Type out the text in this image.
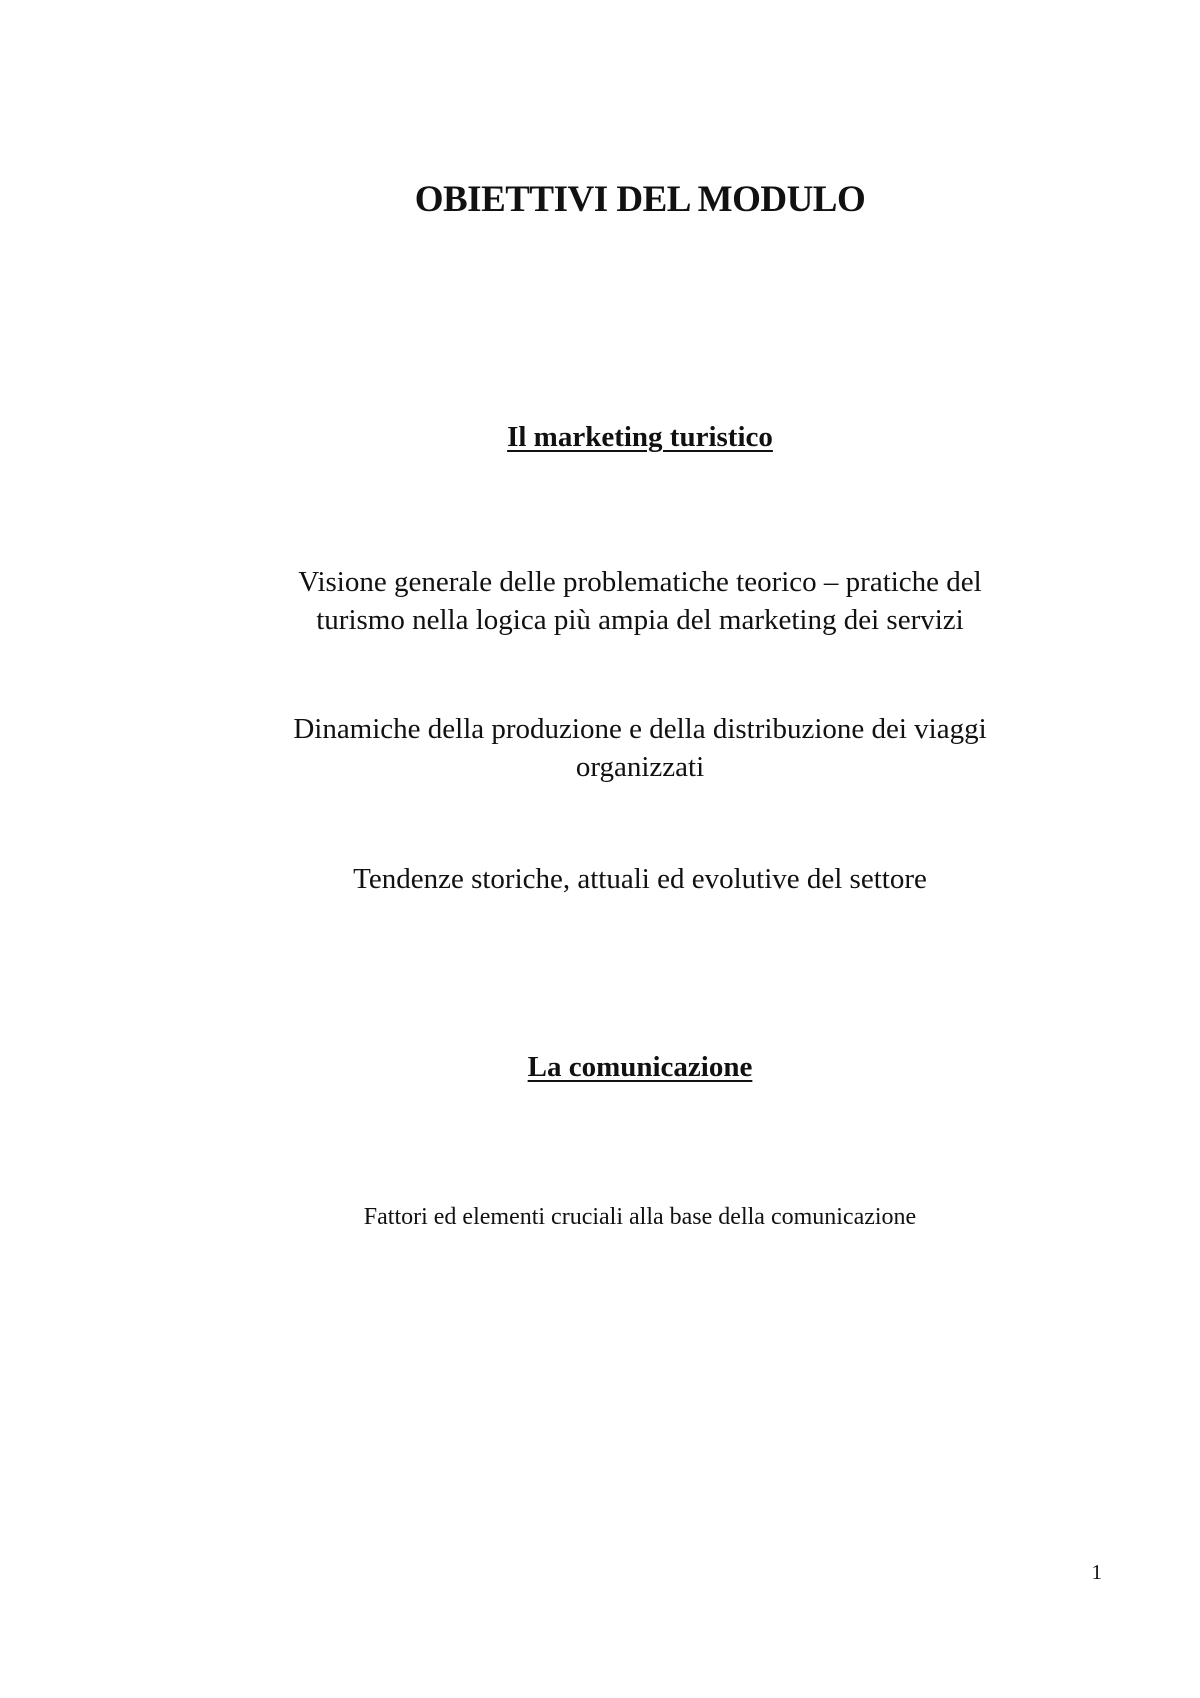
OBIETTIVI DEL MODULO
Il marketing turistico
Visione generale delle problematiche teorico – pratiche del
turismo nella logica più ampia del marketing dei servizi
Dinamiche della produzione e della distribuzione dei viaggi
organizzati
Tendenze storiche, attuali ed evolutive del settore
La comunicazione
Fattori ed elementi cruciali alla base della comunicazione
1
